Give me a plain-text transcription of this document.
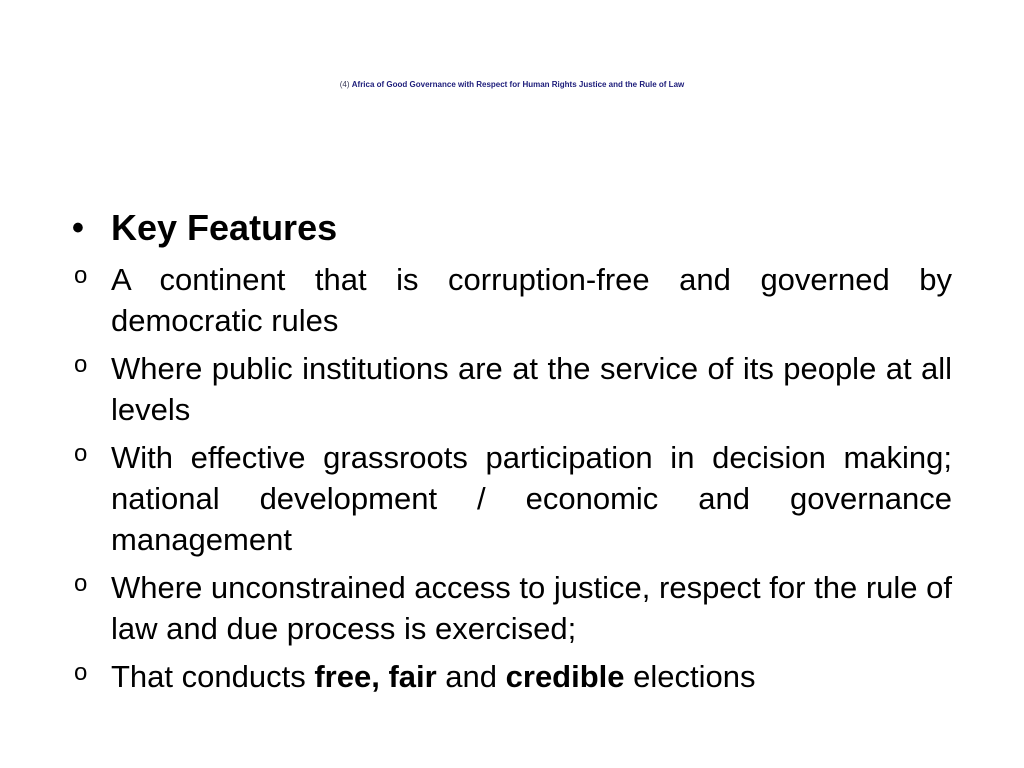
(4) Africa of Good Governance with Respect for Human Rights Justice and the Rule of Law
• Key Features
o A continent that is corruption-free and governed by democratic rules
o Where public institutions are at the service of its people at all levels
o With effective grassroots participation in decision making; national development / economic and governance management
o Where unconstrained access to justice, respect for the rule of law and due process is exercised;
o That conducts free, fair and credible elections
